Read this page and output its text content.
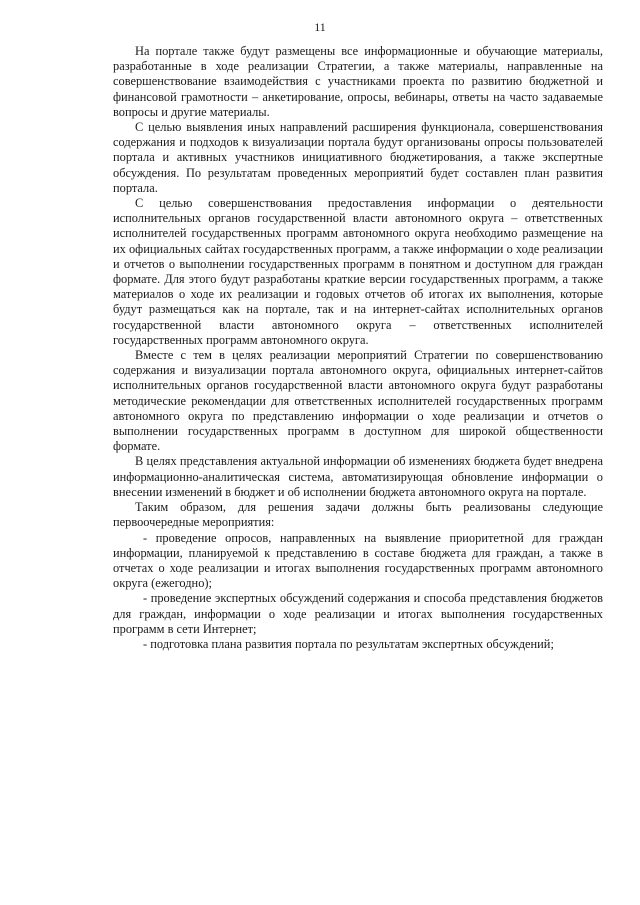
11

На портале также будут размещены все информационные и обучающие материалы, разработанные в ходе реализации Стратегии, а также материалы, направленные на совершенствование взаимодействия с участниками проекта по развитию бюджетной и финансовой грамотности – анкетирование, опросы, вебинары, ответы на часто задаваемые вопросы и другие материалы.

С целью выявления иных направлений расширения функционала, совершенствования содержания и подходов к визуализации портала будут организованы опросы пользователей портала и активных участников инициативного бюджетирования, а также экспертные обсуждения. По результатам проведенных мероприятий будет составлен план развития портала.

С целью совершенствования предоставления информации о деятельности исполнительных органов государственной власти автономного округа – ответственных исполнителей государственных программ автономного округа необходимо размещение на их официальных сайтах государственных программ, а также информации о ходе реализации и отчетов о выполнении государственных программ в понятном и доступном для граждан формате. Для этого будут разработаны краткие версии государственных программ, а также материалов о ходе их реализации и годовых отчетов об итогах их выполнения, которые будут размещаться как на портале, так и на интернет-сайтах исполнительных органов государственной власти автономного округа – ответственных исполнителей государственных программ автономного округа.

Вместе с тем в целях реализации мероприятий Стратегии по совершенствованию содержания и визуализации портала автономного округа, официальных интернет-сайтов исполнительных органов государственной власти автономного округа будут разработаны методические рекомендации для ответственных исполнителей государственных программ автономного округа по представлению информации о ходе реализации и отчетов о выполнении государственных программ в доступном для широкой общественности формате.

В целях представления актуальной информации об изменениях бюджета будет внедрена информационно-аналитическая система, автоматизирующая обновление информации о внесении изменений в бюджет и об исполнении бюджета автономного округа на портале.

Таким образом, для решения задачи должны быть реализованы следующие первоочередные мероприятия:

- проведение опросов, направленных на выявление приоритетной для граждан информации, планируемой к представлению в составе бюджета для граждан, а также в отчетах о ходе реализации и итогах выполнения государственных программ автономного округа (ежегодно);

- проведение экспертных обсуждений содержания и способа представления бюджетов для граждан, информации о ходе реализации и итогах выполнения государственных программ в сети Интернет;

- подготовка плана развития портала по результатам экспертных обсуждений;
